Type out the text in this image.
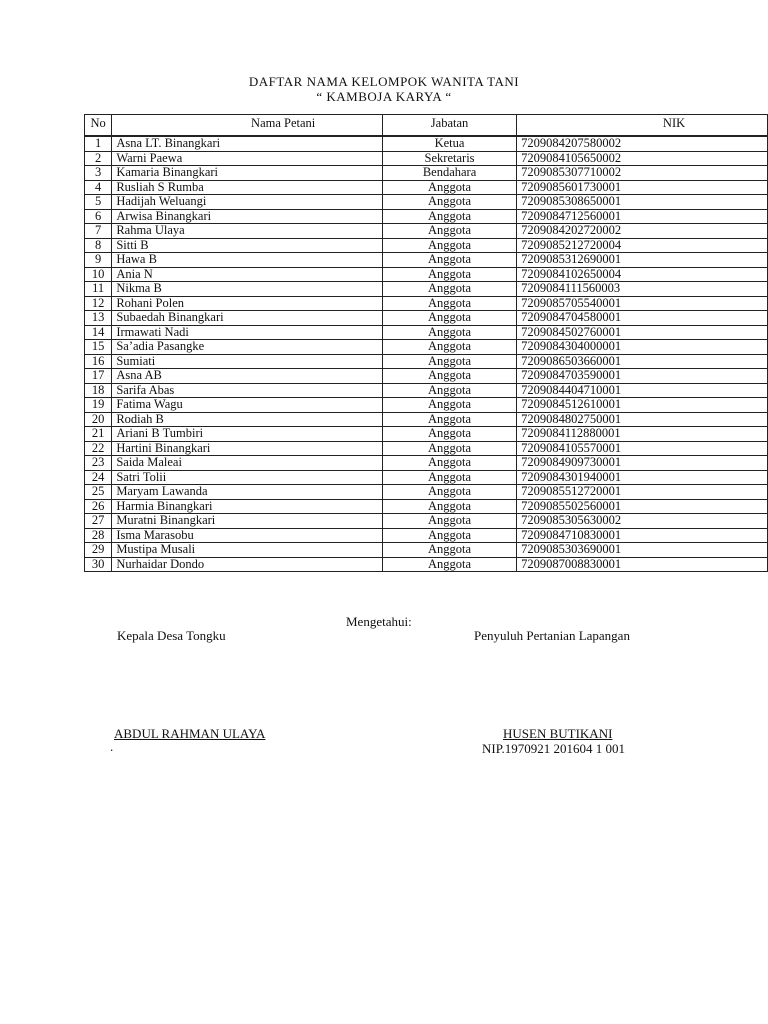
DAFTAR NAMA KELOMPOK WANITA TANI
“ KAMBOJA KARYA “
No	Nama Petani	Jabatan	NIK
1	Asna LT. Binangkari	Ketua	7209084207580002
2	Warni Paewa	Sekretaris	7209084105650002
3	Kamaria Binangkari	Bendahara	7209085307710002
4	Rusliah S Rumba	Anggota	7209085601730001
5	Hadijah Weluangi	Anggota	7209085308650001
6	Arwisa Binangkari	Anggota	7209084712560001
7	Rahma Ulaya	Anggota	7209084202720002
8	Sitti B	Anggota	7209085212720004
9	Hawa B	Anggota	7209085312690001
10	Ania N	Anggota	7209084102650004
11	Nikma B	Anggota	7209084111560003
12	Rohani Polen	Anggota	7209085705540001
13	Subaedah Binangkari	Anggota	7209084704580001
14	Irmawati Nadi	Anggota	7209084502760001
15	Sa’adia Pasangke	Anggota	7209084304000001
16	Sumiati	Anggota	7209086503660001
17	Asna AB	Anggota	7209084703590001
18	Sarifa Abas	Anggota	7209084404710001
19	Fatima Wagu	Anggota	7209084512610001
20	Rodiah B	Anggota	7209084802750001
21	Ariani B Tumbiri	Anggota	7209084112880001
22	Hartini Binangkari	Anggota	7209084105570001
23	Saida Maleai	Anggota	7209084909730001
24	Satri Tolii	Anggota	7209084301940001
25	Maryam Lawanda	Anggota	7209085512720001
26	Harmia Binangkari	Anggota	7209085502560001
27	Muratni Binangkari	Anggota	7209085305630002
28	Isma Marasobu	Anggota	7209084710830001
29	Mustipa Musali	Anggota	7209085303690001
30	Nurhaidar Dondo	Anggota	7209087008830001
Mengetahui:
Kepala Desa Tongku	Penyuluh Pertanian Lapangan
ABDUL RAHMAN ULAYA
.
HUSEN BUTIKANI
NIP.1970921 201604 1 001
